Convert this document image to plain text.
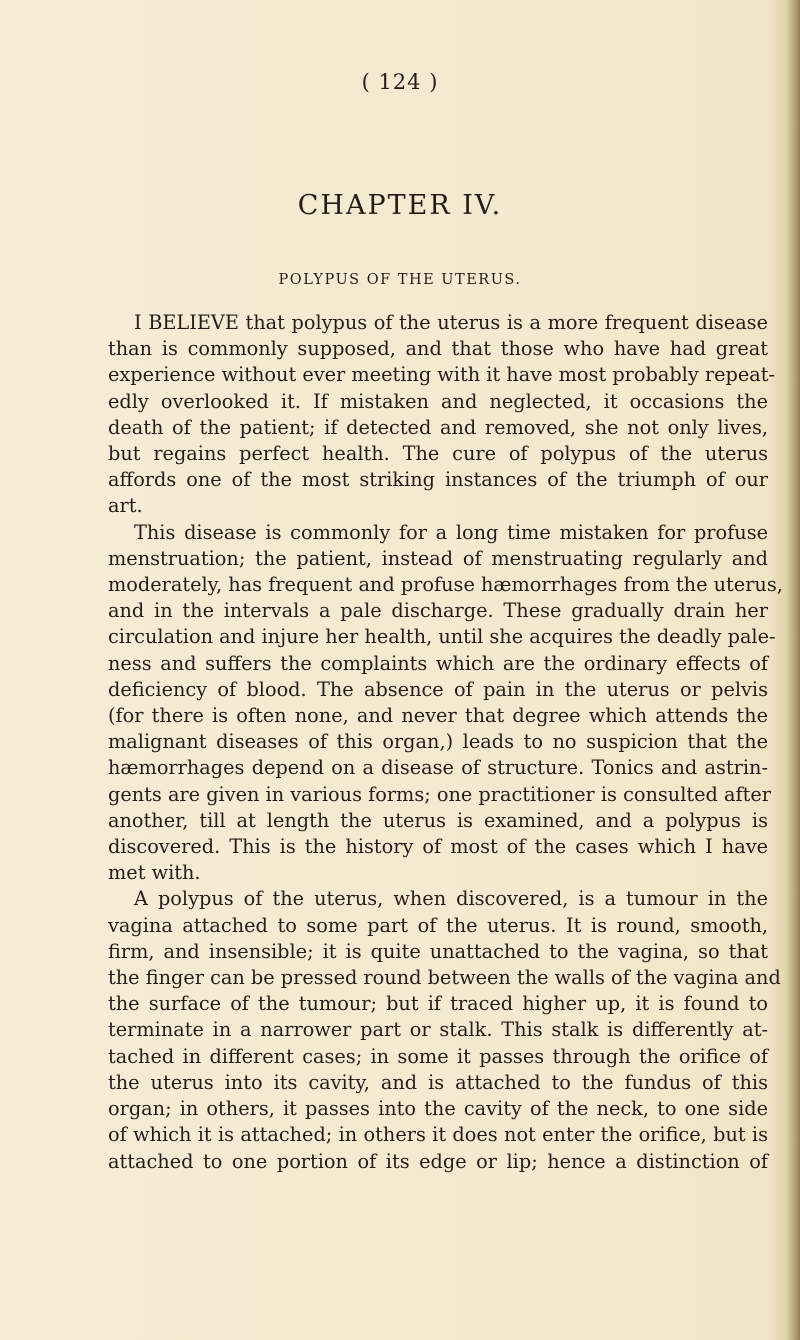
( 124 )
CHAPTER IV.
POLYPUS OF THE UTERUS.
I BELIEVE that polypus of the uterus is a more frequent disease
than is commonly supposed, and that those who have had great
experience without ever meeting with it have most probably repeat-
edly overlooked it. If mistaken and neglected, it occasions the
death of the patient; if detected and removed, she not only lives,
but regains perfect health. The cure of polypus of the uterus
affords one of the most striking instances of the triumph of our
art.
This disease is commonly for a long time mistaken for profuse
menstruation; the patient, instead of menstruating regularly and
moderately, has frequent and profuse hæmorrhages from the uterus,
and in the intervals a pale discharge. These gradually drain her
circulation and injure her health, until she acquires the deadly pale-
ness and suffers the complaints which are the ordinary effects of
deficiency of blood. The absence of pain in the uterus or pelvis
(for there is often none, and never that degree which attends the
malignant diseases of this organ,) leads to no suspicion that the
hæmorrhages depend on a disease of structure. Tonics and astrin-
gents are given in various forms; one practitioner is consulted after
another, till at length the uterus is examined, and a polypus is
discovered. This is the history of most of the cases which I have
met with.
A polypus of the uterus, when discovered, is a tumour in the
vagina attached to some part of the uterus. It is round, smooth,
firm, and insensible; it is quite unattached to the vagina, so that
the finger can be pressed round between the walls of the vagina and
the surface of the tumour; but if traced higher up, it is found to
terminate in a narrower part or stalk. This stalk is differently at-
tached in different cases; in some it passes through the orifice of
the uterus into its cavity, and is attached to the fundus of this
organ; in others, it passes into the cavity of the neck, to one side
of which it is attached; in others it does not enter the orifice, but is
attached to one portion of its edge or lip; hence a distinction of
